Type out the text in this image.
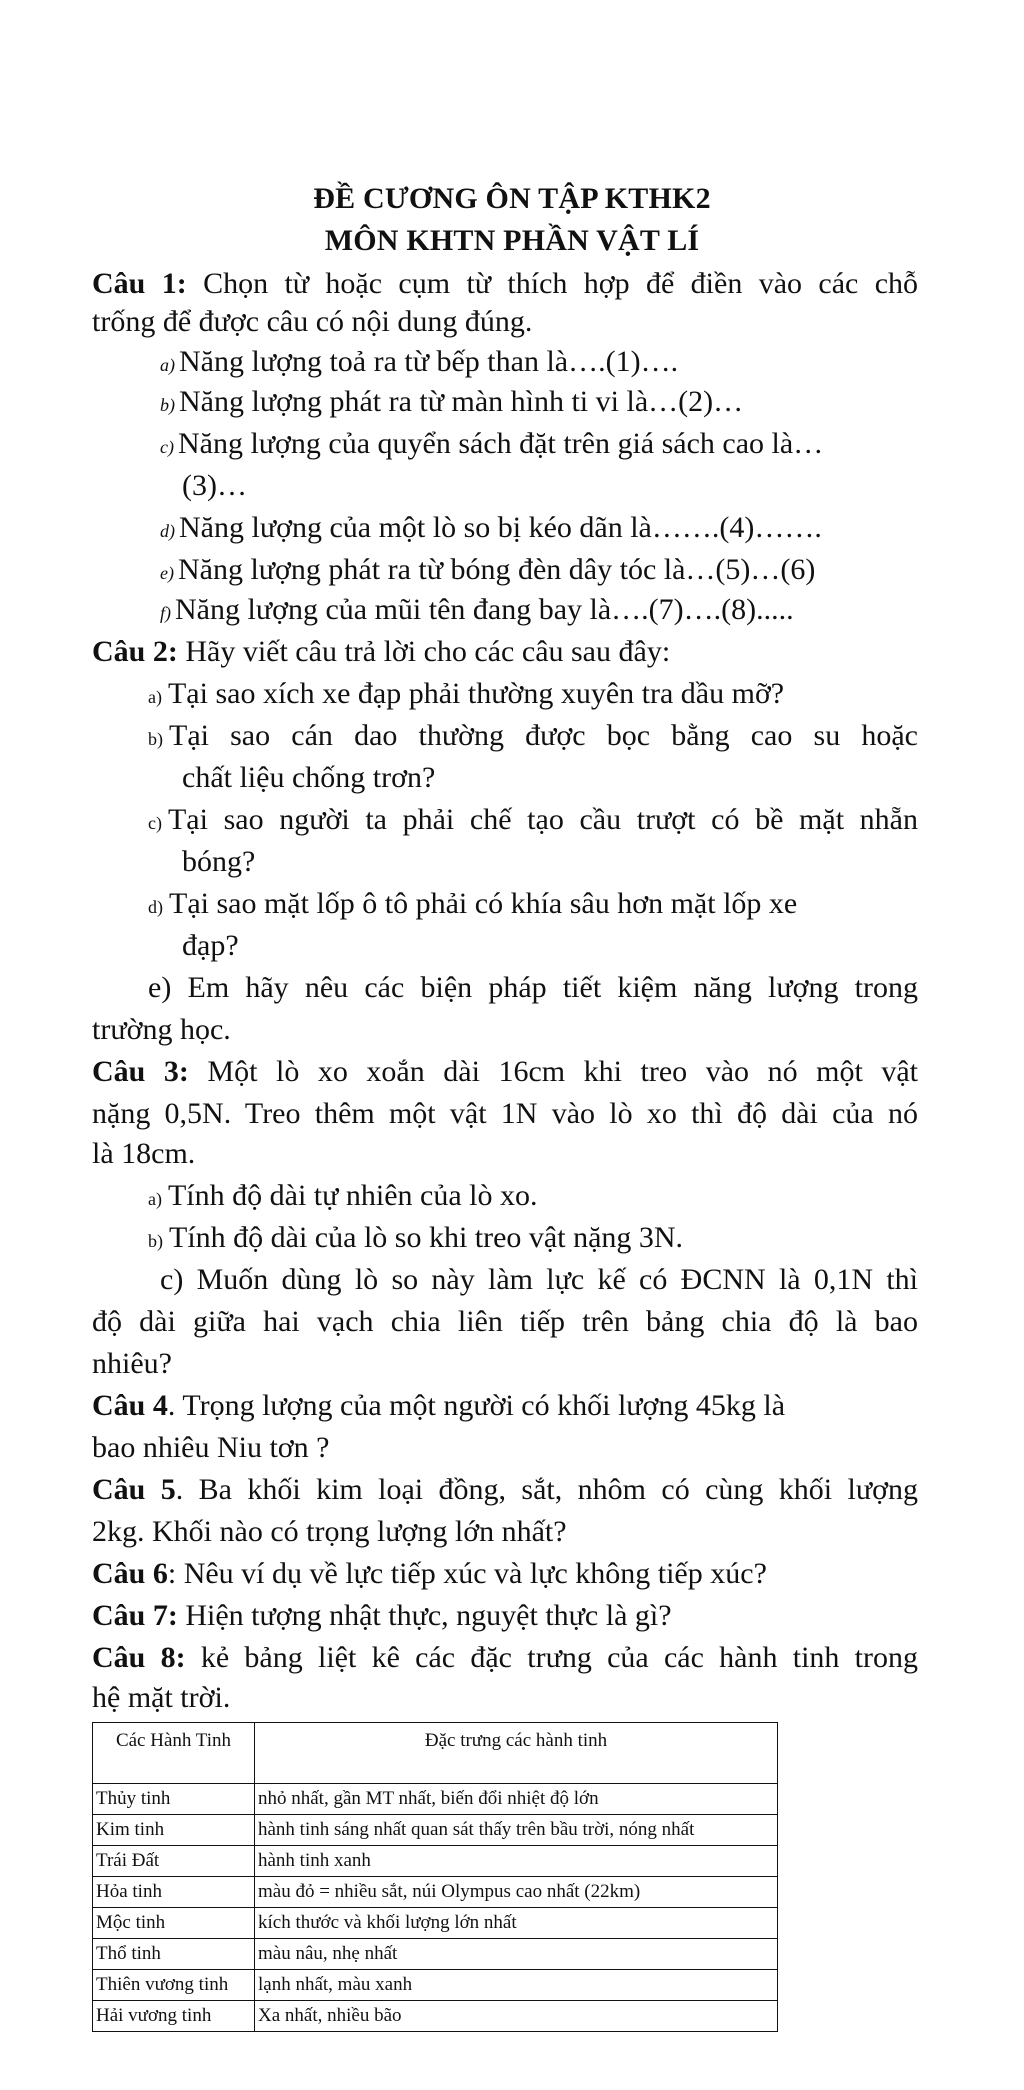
ĐỀ CƯƠNG ÔN TẬP KTHK2
MÔN KHTN PHẦN VẬT LÍ
Câu 1: Chọn từ hoặc cụm từ thích hợp để điền vào các chỗ
trống để được câu có nội dung đúng.
a) Năng lượng toả ra từ bếp than là….(1)….
b) Năng lượng phát ra từ màn hình ti vi là…(2)…
c) Năng lượng của quyển sách đặt trên giá sách cao là…
(3)…
d) Năng lượng của một lò so bị kéo dãn là…….(4)…….
e) Năng lượng phát ra từ bóng đèn dây tóc là…(5)…(6)
f) Năng lượng của mũi tên đang bay là….(7)….(8).....
Câu 2: Hãy viết câu trả lời cho các câu sau đây:
a) Tại sao xích xe đạp phải thường xuyên tra dầu mỡ?
b) Tại sao cán dao thường được bọc bằng cao su hoặc
chất liệu chống trơn?
c) Tại sao người ta phải chế tạo cầu trượt có bề mặt nhẵn
bóng?
d) Tại sao mặt lốp ô tô phải có khía sâu hơn mặt lốp xe
đạp?
e) Em hãy nêu các biện pháp tiết kiệm năng lượng trong
trường học.
Câu 3: Một lò xo xoắn dài 16cm khi treo vào nó một vật
nặng 0,5N. Treo thêm một vật 1N vào lò xo thì độ dài của nó
là 18cm.
a) Tính độ dài tự nhiên của lò xo.
b) Tính độ dài của lò so khi treo vật nặng 3N.
c) Muốn dùng lò so này làm lực kế có ĐCNN là 0,1N thì
độ dài giữa hai vạch chia liên tiếp trên bảng chia độ là bao
nhiêu?
Câu 4. Trọng lượng của một người có khối lượng 45kg là
bao nhiêu Niu tơn ?
Câu 5. Ba khối kim loại đồng, sắt, nhôm có cùng khối lượng
2kg. Khối nào có trọng lượng lớn nhất?
Câu 6: Nêu ví dụ về lực tiếp xúc và lực không tiếp xúc?
Câu 7: Hiện tượng nhật thực, nguyệt thực là gì?
Câu 8: kẻ bảng liệt kê các đặc trưng của các hành tinh trong
hệ mặt trời.
Các Hành Tinh	Đặc trưng các hành tinh
Thủy tinh	nhỏ nhất, gần MT nhất, biến đổi nhiệt độ lớn
Kim tinh	hành tinh sáng nhất quan sát thấy trên bầu trời, nóng nhất
Trái Đất	hành tinh xanh
Hỏa tinh	màu đỏ = nhiều sắt, núi Olympus cao nhất (22km)
Mộc tinh	kích thước và khối lượng lớn nhất
Thổ tinh	màu nâu, nhẹ nhất
Thiên vương tinh	lạnh nhất, màu xanh
Hải vương tinh	Xa nhất, nhiều bão
